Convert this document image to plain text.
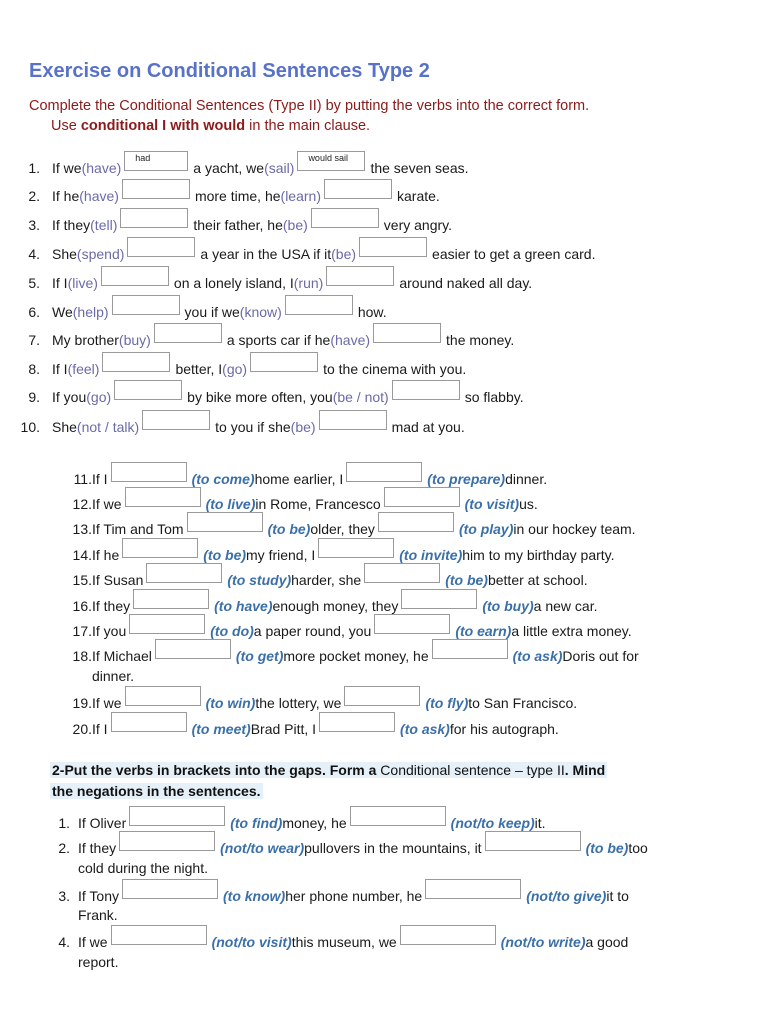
Exercise on Conditional Sentences Type 2
Complete the Conditional Sentences (Type II) by putting the verbs into the correct form.
Use conditional I with would in the main clause.
1. If we (have)
had
a yacht, we (sail)
would sail
the seven seas.
2. If he (have)	more time, he (learn)	karate.
3. If they (tell)	their father, he (be)	very angry.
4. She (spend)	a year in the USA if it (be)	easier to get a green card.
5. If I (live)	on a lonely island, I (run)	around naked all day.
6. We (help)	you if we (know)	how.
7. My brother (buy)	a sports car if he (have)	the money.
8. If I (feel)	better, I (go)	to the cinema with you.
9. If you (go)	by bike more often, you (be / not)	so flabby.
10. She (not / talk)	to you if she (be)	mad at you.
11. If I	(to come) home earlier, I	(to prepare) dinner.
12. If we	(to live) in Rome, Francesco	(to visit) us.
13. If Tim and Tom	(to be) older, they	(to play) in our hockey team.
14. If he	(to be) my friend, I	(to invite) him to my birthday party.
15. If Susan	(to study) harder, she	(to be) better at school.
16. If they	(to have) enough money, they	(to buy) a new car.
17. If you	(to do) a paper round, you	(to earn) a little extra money.
18. If Michael	(to get) more pocket money, he	(to ask) Doris out for
19. If we	(to win) the lottery, we	(to fly) to San Francisco.
20. If I	(to meet) Brad Pitt, I	(to ask) for his autograph.
dinner.
2-Put the verbs in brackets into the gaps. Form a Conditional sentence – type II. Mind
the negations in the sentences.
1. If Oliver	(to find) money, he	(not/to keep) it.
2. If they	(not/to wear) pullovers in the mountains, it	(to be) too
cold during the night.
3. If Tony	(to know) her phone number, he	(not/to give) it to
Frank.
4. If we	(not/to visit) this museum, we	(not/to write) a good
report.
